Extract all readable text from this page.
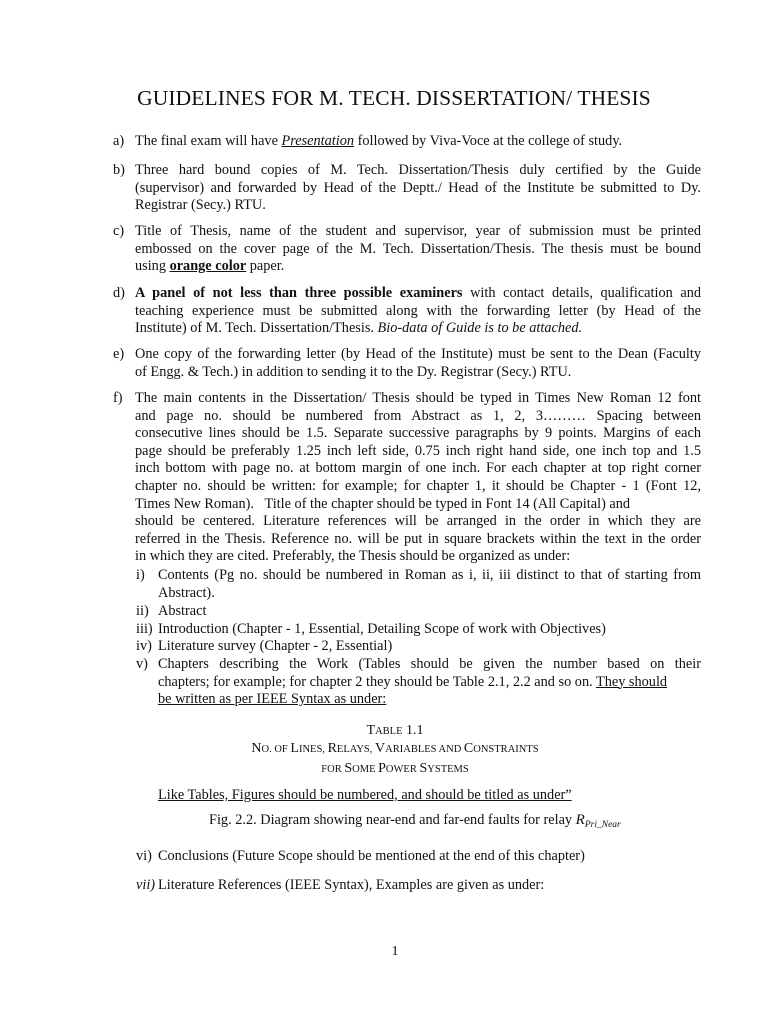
GUIDELINES FOR M. TECH. DISSERTATION/ THESIS
a) The final exam will have Presentation followed by Viva-Voce at the college of study.
b) Three hard bound copies of M. Tech. Dissertation/Thesis duly certified by the Guide
(supervisor) and forwarded by Head of the Deptt./ Head of the Institute be submitted to Dy.
Registrar (Secy.) RTU.
c) Title of Thesis, name of the student and supervisor, year of submission must be printed
embossed on the cover page of the M. Tech. Dissertation/Thesis. The thesis must be bound
using orange color paper.
d) A panel of not less than three possible examiners with contact details, qualification and
teaching experience must be submitted along with the forwarding letter (by Head of the
Institute) of M. Tech. Dissertation/Thesis. Bio-data of Guide is to be attached.
e) One copy of the forwarding letter (by Head of the Institute) must be sent to the Dean (Faculty
of Engg. & Tech.) in addition to sending it to the Dy. Registrar (Secy.) RTU.
f) The main contents in the Dissertation/ Thesis should be typed in Times New Roman 12 font
and page no. should be numbered from Abstract as 1, 2, 3……… Spacing between
consecutive lines should be 1.5. Separate successive paragraphs by 9 points. Margins of each
page should be preferably 1.25 inch left side, 0.75 inch right hand side, one inch top and 1.5
inch bottom with page no. at bottom margin of one inch. For each chapter at top right corner
chapter no. should be written: for example; for chapter 1, it should be Chapter - 1 (Font 12,
Times New Roman).   Title of the chapter should be typed in Font 14 (All Capital) and
should be centered. Literature references will be arranged in the order in which they are
referred in the Thesis. Reference no. will be put in square brackets within the text in the order
in which they are cited. Preferably, the Thesis should be organized as under:
i) Contents (Pg no. should be numbered in Roman as i, ii, iii distinct to that of starting from
Abstract).
ii) Abstract
iii) Introduction (Chapter - 1, Essential, Detailing Scope of work with Objectives)
iv) Literature survey (Chapter - 2, Essential)
v) Chapters describing the Work (Tables should be given the number based on their
chapters; for example; for chapter 2 they should be Table 2.1, 2.2 and so on. They should
be written as per IEEE Syntax as under:
TABLE 1.1
NO. OF LINES, RELAYS, VARIABLES AND CONSTRAINTS
FOR SOME POWER SYSTEMS
Like Tables, Figures should be numbered, and should be titled as under”
Fig. 2.2. Diagram showing near-end and far-end faults for relay $R_{Pri\_Near}$
vi) Conclusions (Future Scope should be mentioned at the end of this chapter)
vii) Literature References (IEEE Syntax), Examples are given as under:
1
